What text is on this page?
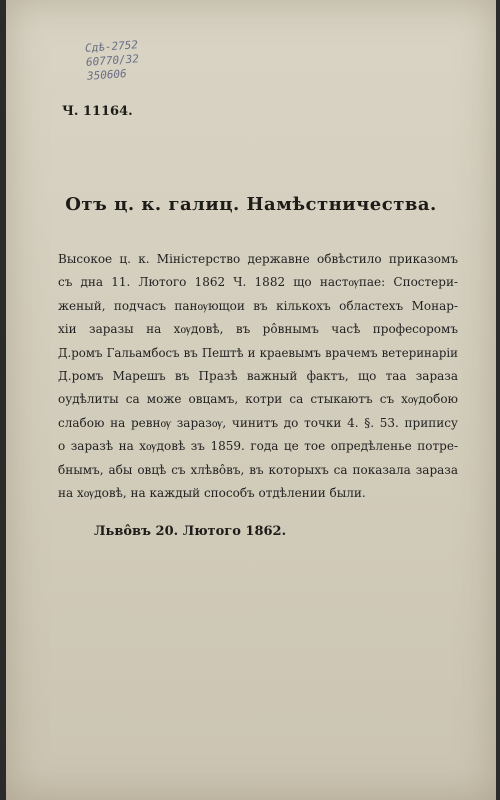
Сдѣ-2752
60770/32
350606
Ч. 11164.
Отъ ц. к. галиц. Намѣстничества.
Высокое ц. к. Міністерство державне обвѣстило приказомъ
съ дна 11. Лютого 1862 Ч. 1882 що настѹпае: Спостери-
женый, подчасъ панѹющои въ кількохъ областехъ Монар-
хіи заразы на хѹдовѣ, въ рôвнымъ часѣ професоромъ
Д.ромъ Гальамбосъ въ Пештѣ и краевымъ врачемъ ветеринаріи
Д.ромъ Марешъ въ Празѣ важный фактъ, що таа зараза
оудѣлиты са може овцамъ, котри са стыкаютъ съ хѹдобою
слабою на ревнѹ заразѹ, чинитъ до точки 4. §. 53. припису
о заразѣ на хѹдовѣ зъ 1859. года це тое опредѣленье потре-
бнымъ, абы овцѣ съ хлѣвôвъ, въ которыхъ са показала зараза
на хѹдовѣ, на каждый способъ отдѣлении были.
Львôвъ 20. Лютого 1862.
